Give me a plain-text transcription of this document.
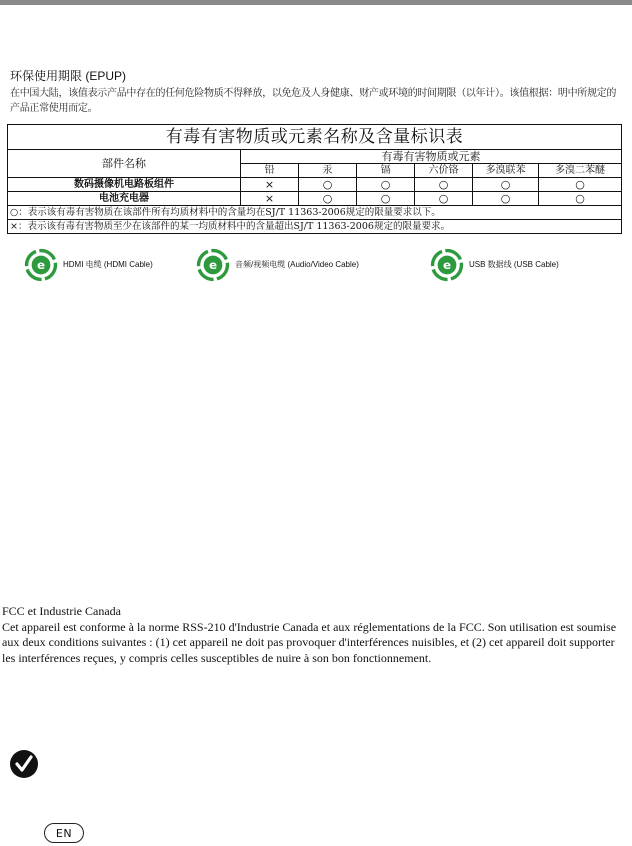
环保使用期限 (EPUP)
在中国大陆，该值表示产品中存在的任何危险物质不得释放，以免危及人身健康、财产或环境的时间期限（以年计）。该值根据：明中所规定的产品正常使用而定。
有毒有害物质或元素名称及含量标识表						
部件名称	有毒有害物质或元素					
	铅	汞	镉	六价铬	多溴联苯	多溴二苯醚
数码摄像机电路板组件	×	○	○	○	○	○
电池充电器	×	○	○	○	○	○
○：表示该有毒有害物质在该部件所有均质材料中的含量均在SJ/T 11363-2006规定的限量要求以下。						
×：表示该有毒有害物质至少在该部件的某一均质材料中的含量超出SJ/T 11363-2006规定的限量要求。						
e HDMI 电缆 (HDMI Cable)	e 音频/视频电缆 (Audio/Video Cable)	e USB 数据线 (USB Cable)

FCC et Industrie Canada

Cet appareil est conforme à la norme RSS-210 d'Industrie Canada et aux réglementations de la FCC. Son utilisation est soumise aux deux conditions suivantes : (1) cet appareil ne doit pas provoquer d'interférences nuisibles, et (2) cet appareil doit supporter les interférences reçues, y compris celles susceptibles de nuire à son bon fonctionnement.

EN
